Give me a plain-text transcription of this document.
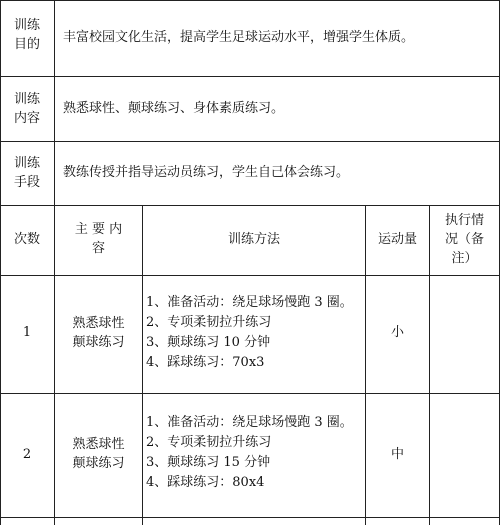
训练
目的	丰富校园文化生活，提高学生足球运动水平，增强学生体质。
训练
内容
熟悉球性、颠球练习、身体素质练习。
训练
手段
教练传授并指导运动员练习，学生自己体会练习。
次数
主 要 内
容
训练方法	运动量
执行情
况（备
注）
1
熟悉球性
颠球练习
1、准备活动：绕足球场慢跑 3 圈。
2、专项柔韧拉升练习
3、颠球练习 10 分钟
4、踩球练习：70x3
小
2
熟悉球性
颠球练习
1、准备活动：绕足球场慢跑 3 圈。
2、专项柔韧拉升练习
3、颠球练习 15 分钟
4、踩球练习：80x4
中
